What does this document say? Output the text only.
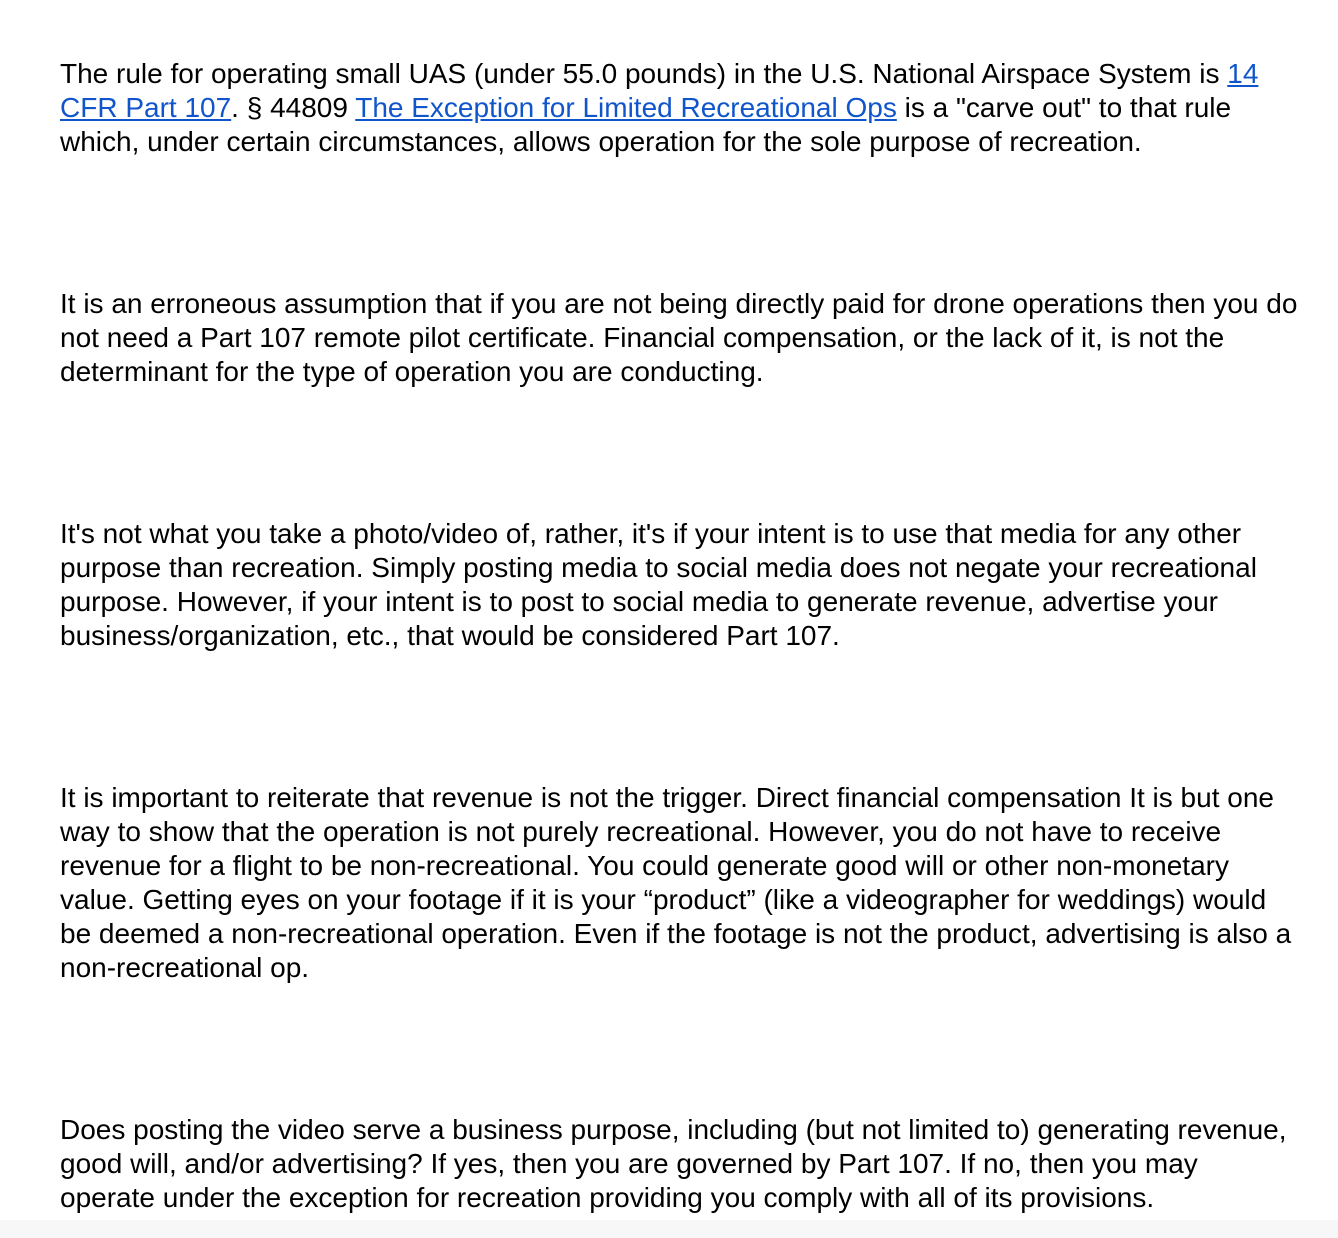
The rule for operating small UAS (under 55.0 pounds) in the U.S. National Airspace System is 14 CFR Part 107. § 44809 The Exception for Limited Recreational Ops is a "carve out" to that rule which, under certain circumstances, allows operation for the sole purpose of recreation.

It is an erroneous assumption that if you are not being directly paid for drone operations then you do not need a Part 107 remote pilot certificate. Financial compensation, or the lack of it, is not the determinant for the type of operation you are conducting.

It's not what you take a photo/video of, rather, it's if your intent is to use that media for any other purpose than recreation. Simply posting media to social media does not negate your recreational purpose. However, if your intent is to post to social media to generate revenue, advertise your business/organization, etc., that would be considered Part 107.

It is important to reiterate that revenue is not the trigger. Direct financial compensation It is but one way to show that the operation is not purely recreational. However, you do not have to receive revenue for a flight to be non-recreational. You could generate good will or other non-monetary value. Getting eyes on your footage if it is your “product” (like a videographer for weddings) would be deemed a non-recreational operation. Even if the footage is not the product, advertising is also a non-recreational op.

Does posting the video serve a business purpose, including (but not limited to) generating revenue, good will, and/or advertising? If yes, then you are governed by Part 107. If no, then you may operate under the exception for recreation providing you comply with all of its provisions.
